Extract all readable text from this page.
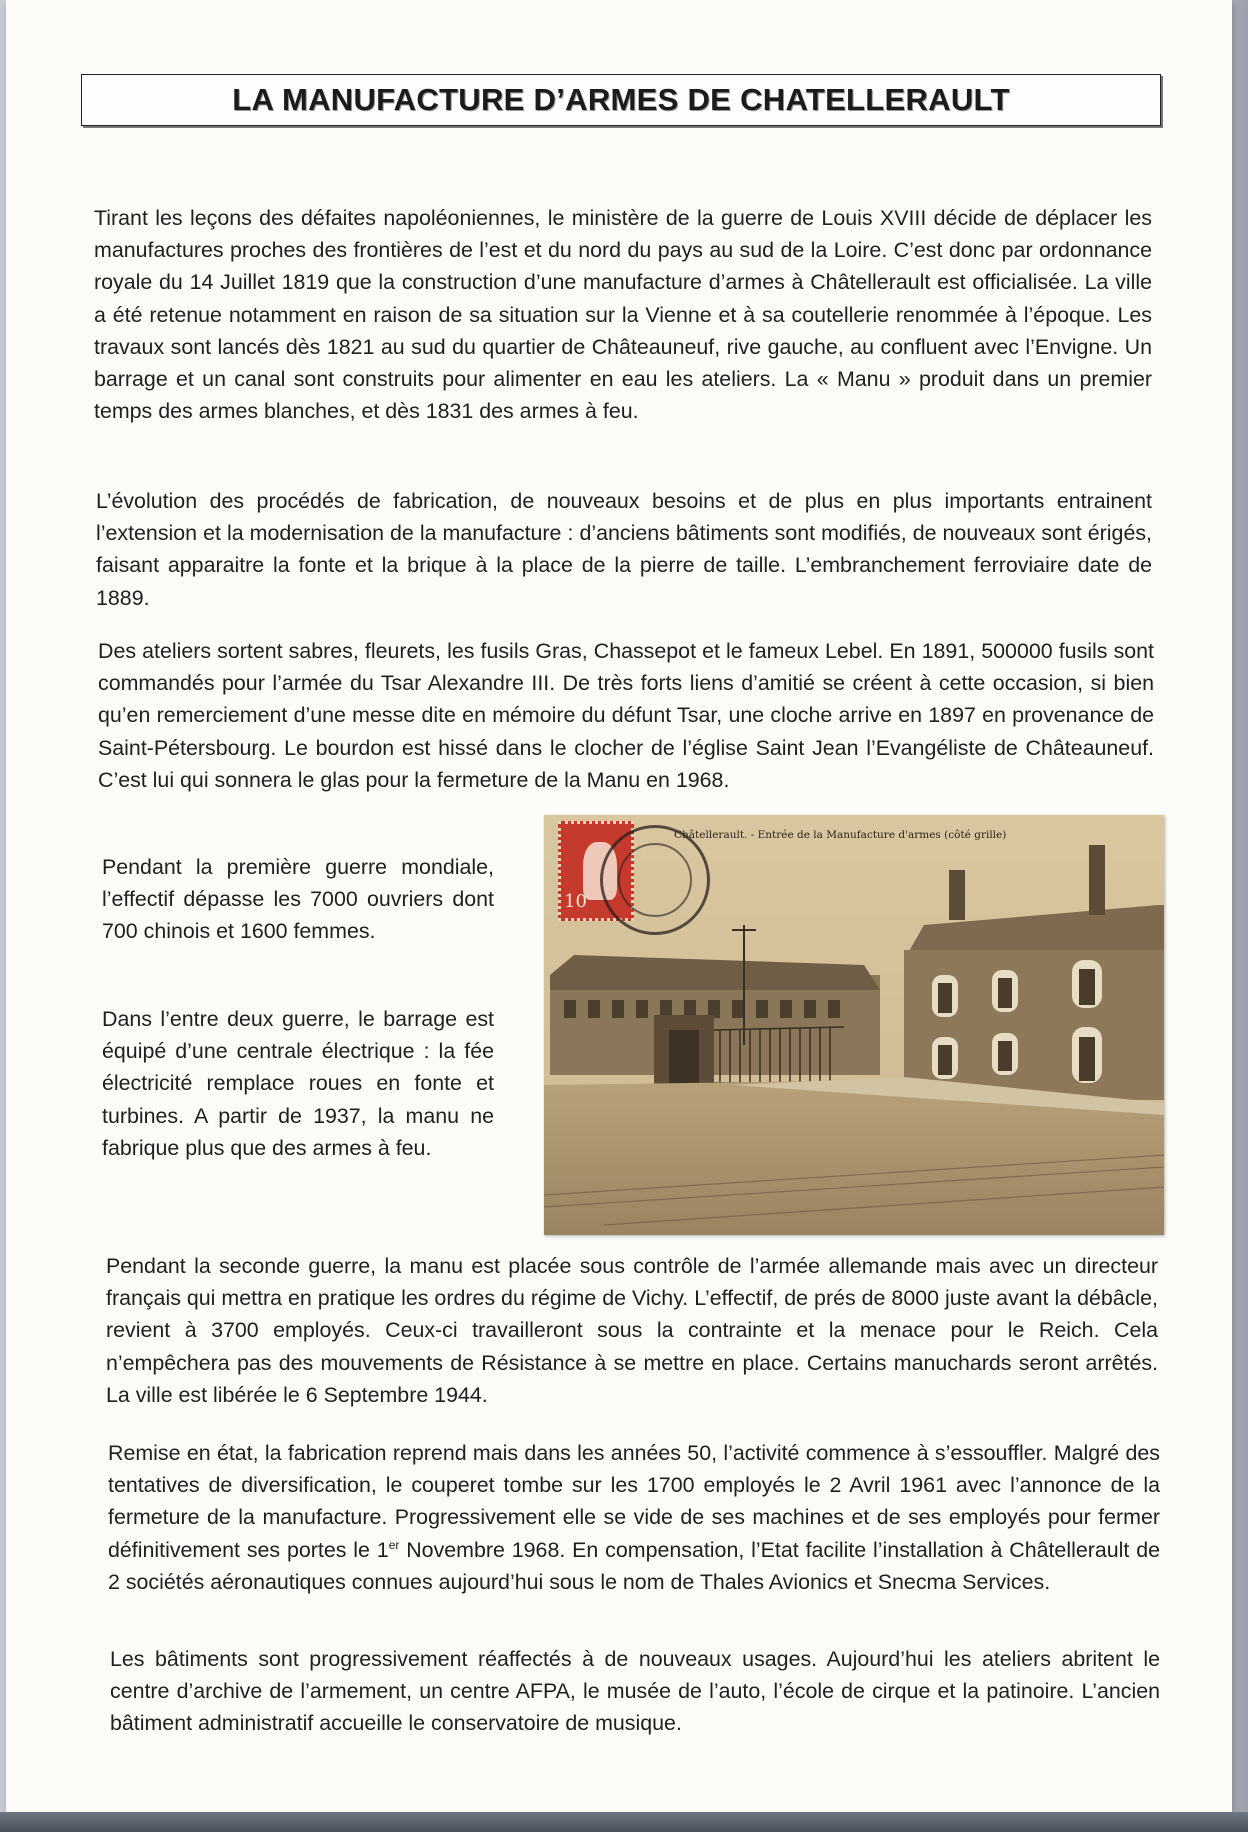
LA MANUFACTURE D’ARMES DE CHATELLERAULT

Tirant les leçons des défaites napoléoniennes, le ministère de la guerre de Louis XVIII décide de déplacer les manufactures proches des frontières de l’est et du nord du pays au sud de la Loire. C’est donc par ordonnance royale du 14 Juillet 1819 que la construction d’une manufacture d’armes à Châtellerault est officialisée. La ville a été retenue notamment en raison de sa situation sur la Vienne et à sa coutellerie renommée à l’époque. Les travaux sont lancés dès 1821 au sud du quartier de Châteauneuf, rive gauche, au confluent avec l’Envigne. Un barrage et un canal sont construits pour alimenter en eau les ateliers. La « Manu » produit dans un premier temps des armes blanches, et dès 1831 des armes à feu.

L’évolution des procédés de fabrication, de nouveaux besoins et de plus en plus importants entrainent l’extension et la modernisation de la manufacture : d’anciens bâtiments sont modifiés, de nouveaux sont érigés, faisant apparaitre la fonte et la brique à la place de la pierre de taille. L’embranchement ferroviaire date de 1889.

Des ateliers sortent sabres, fleurets, les fusils Gras, Chassepot et le fameux Lebel. En 1891, 500000 fusils sont commandés pour l’armée du Tsar Alexandre III. De très forts liens d’amitié se créent à cette occasion, si bien qu’en remerciement d’une messe dite en mémoire du défunt Tsar, une cloche arrive en 1897 en provenance de Saint-Pétersbourg. Le bourdon est hissé dans le clocher de l’église Saint Jean l’Evangéliste de Châteauneuf. C’est lui qui sonnera le glas pour la fermeture de la Manu en 1968.

Pendant la première guerre mondiale, l’effectif dépasse les 7000 ouvriers dont 700 chinois et 1600 femmes.

Dans l’entre deux guerre, le barrage est équipé d’une centrale électrique : la fée électricité remplace roues en fonte et turbines. A partir de 1937, la manu ne fabrique plus que des armes à feu.

10
Châtellerault. - Entrée de la Manufacture d'armes (côté grille)

Pendant la seconde guerre, la manu est placée sous contrôle de l’armée allemande mais avec un directeur français qui mettra en pratique les ordres du régime de Vichy. L’effectif, de prés de 8000 juste avant la débâcle, revient à 3700 employés. Ceux-ci travailleront sous la contrainte et la menace pour le Reich. Cela n’empêchera pas des mouvements de Résistance à se mettre en place. Certains manuchards seront arrêtés. La ville est libérée le 6 Septembre 1944.

Remise en état, la fabrication reprend mais dans les années 50, l’activité commence à s’essouffler. Malgré des tentatives de diversification, le couperet tombe sur les 1700 employés le 2 Avril 1961 avec l’annonce de la fermeture de la manufacture. Progressivement elle se vide de ses machines et de ses employés pour fermer définitivement ses portes le 1er Novembre 1968. En compensation, l’Etat facilite l’installation à Châtellerault de 2 sociétés aéronautiques connues aujourd’hui sous le nom de Thales Avionics et Snecma Services.

Les bâtiments sont progressivement réaffectés à de nouveaux usages. Aujourd’hui les ateliers abritent le centre d’archive de l’armement, un centre AFPA, le musée de l’auto, l’école de cirque et la patinoire. L’ancien bâtiment administratif accueille le conservatoire de musique.
